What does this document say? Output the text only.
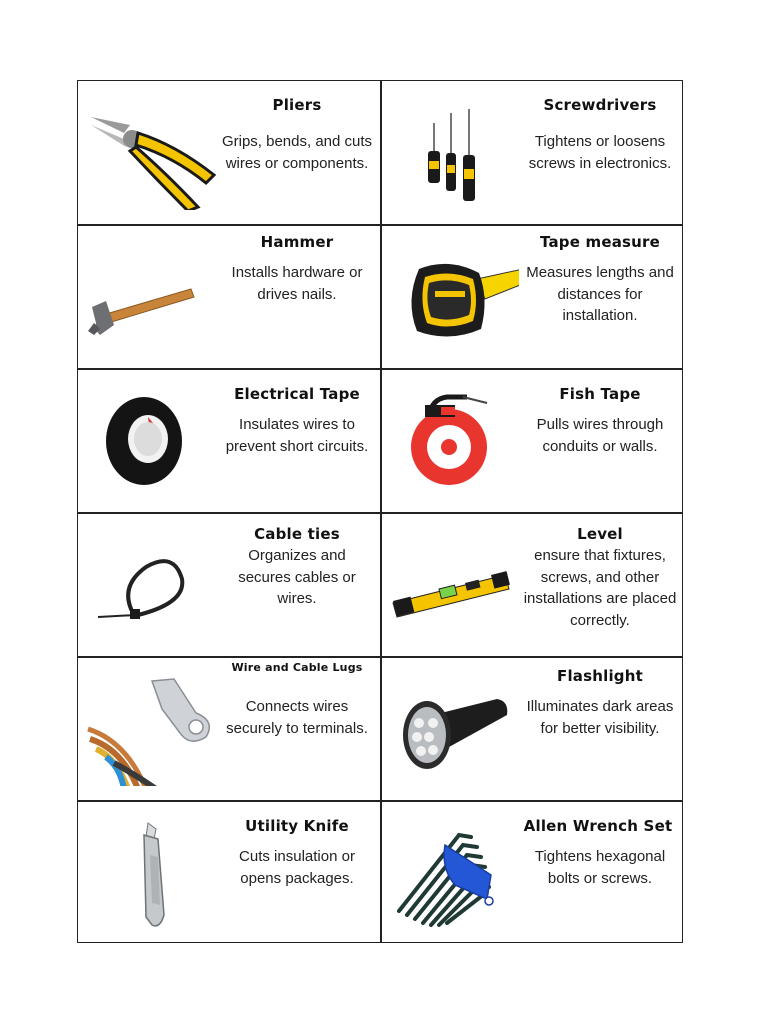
Pliers
Grips, bends, and cuts wires or components.
Screwdrivers
Tightens or loosens screws in electronics.
Hammer
Installs hardware or drives nails.
Tape measure
Measures lengths and distances for installation.
Electrical Tape
Insulates wires to prevent short circuits.
Fish Tape
Pulls wires through conduits or walls.
Cable ties
Organizes and secures cables or wires.
Level
ensure that fixtures, screws, and other installations are placed correctly.
Wire and Cable Lugs
Connects wires securely to terminals.
Flashlight
Illuminates dark areas for better visibility.
Utility Knife
Cuts insulation or opens packages.
Allen Wrench Set
Tightens hexagonal bolts or screws.
